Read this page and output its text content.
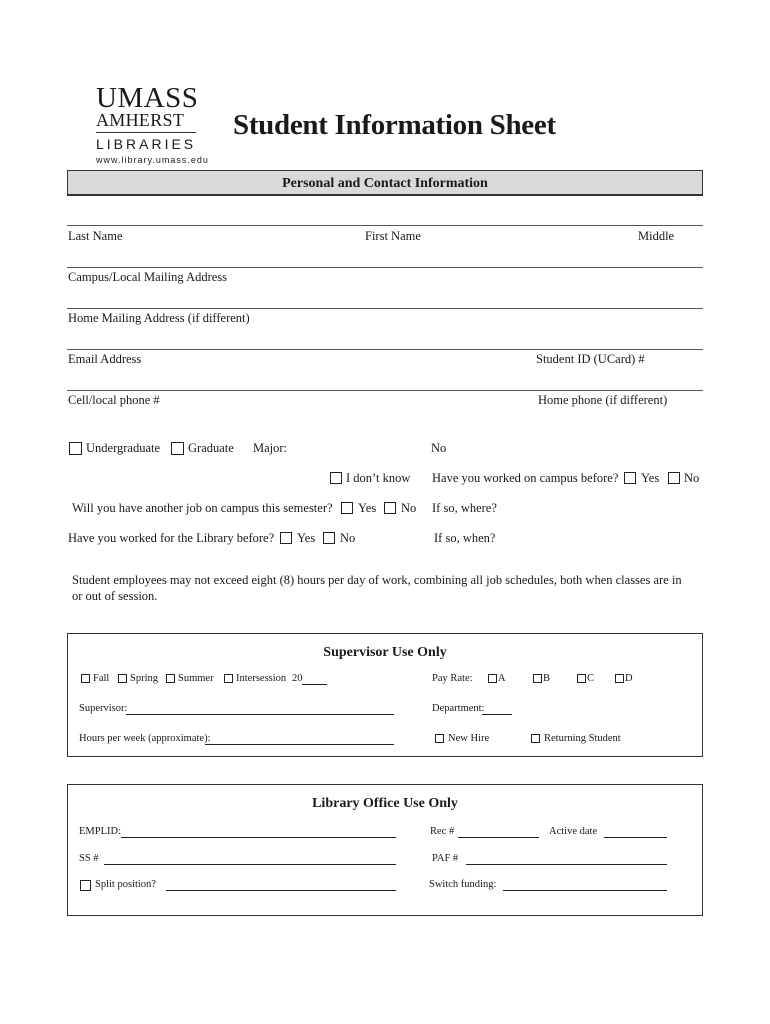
UMASS
AMHERST
LIBRARIES
www.library.umass.edu
Student Information Sheet
Personal and Contact Information
Last Name	First Name	Middle
Campus/Local Mailing Address
Home Mailing Address (if different)
Email Address	Student ID (UCard) #
Cell/local phone #	Home phone (if different)
Undergraduate Graduate Major:	No
I don’t know Have you worked on campus before? Yes No
Will you have another job on campus this semester? Yes No If so, where?
Have you worked for the Library before? Yes No	If so, when?
Student employees may not exceed eight (8) hours per day of work, combining all job schedules, both when classes are in
or out of session.
Supervisor Use Only
Fall Spring Summer Intersession 20	Pay Rate: A	B	C	D
Supervisor:	Department:
Hours per week (approximate):	New Hire	Returning Student
Library Office Use Only
EMPLID:	Rec #	Active date
SS #	PAF #
Split position?	Switch funding:
